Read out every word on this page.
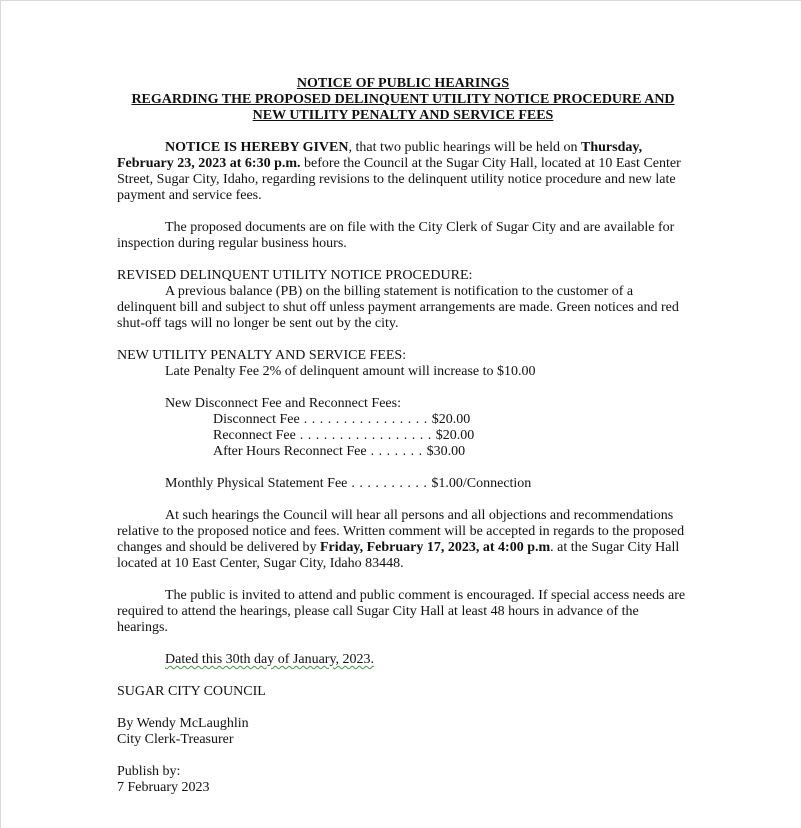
NOTICE OF PUBLIC HEARINGS
REGARDING THE PROPOSED DELINQUENT UTILITY NOTICE PROCEDURE AND
NEW UTILITY PENALTY AND SERVICE FEES

NOTICE IS HEREBY GIVEN, that two public hearings will be held on Thursday, February 23, 2023 at 6:30 p.m. before the Council at the Sugar City Hall, located at 10 East Center Street, Sugar City, Idaho, regarding revisions to the delinquent utility notice procedure and new late payment and service fees.

The proposed documents are on file with the City Clerk of Sugar City and are available for inspection during regular business hours.

REVISED DELINQUENT UTILITY NOTICE PROCEDURE:

A previous balance (PB) on the billing statement is notification to the customer of a delinquent bill and subject to shut off unless payment arrangements are made. Green notices and red shut-off tags will no longer be sent out by the city.

NEW UTILITY PENALTY AND SERVICE FEES:

Late Penalty Fee 2% of delinquent amount will increase to $10.00

New Disconnect Fee and Reconnect Fees:

Disconnect Fee . . . . . . . . . . . . . . . . $20.00

Reconnect Fee . . . . . . . . . . . . . . . . . $20.00

After Hours Reconnect Fee . . . . . . . $30.00

Monthly Physical Statement Fee . . . . . . . . . . $1.00/Connection

At such hearings the Council will hear all persons and all objections and recommendations relative to the proposed notice and fees. Written comment will be accepted in regards to the proposed changes and should be delivered by Friday, February 17, 2023, at 4:00 p.m. at the Sugar City Hall located at 10 East Center, Sugar City, Idaho 83448.

The public is invited to attend and public comment is encouraged. If special access needs are required to attend the hearings, please call Sugar City Hall at least 48 hours in advance of the hearings.

Dated this 30th day of January, 2023.

SUGAR CITY COUNCIL

By Wendy McLaughlin

City Clerk-Treasurer

Publish by:

7 February 2023
